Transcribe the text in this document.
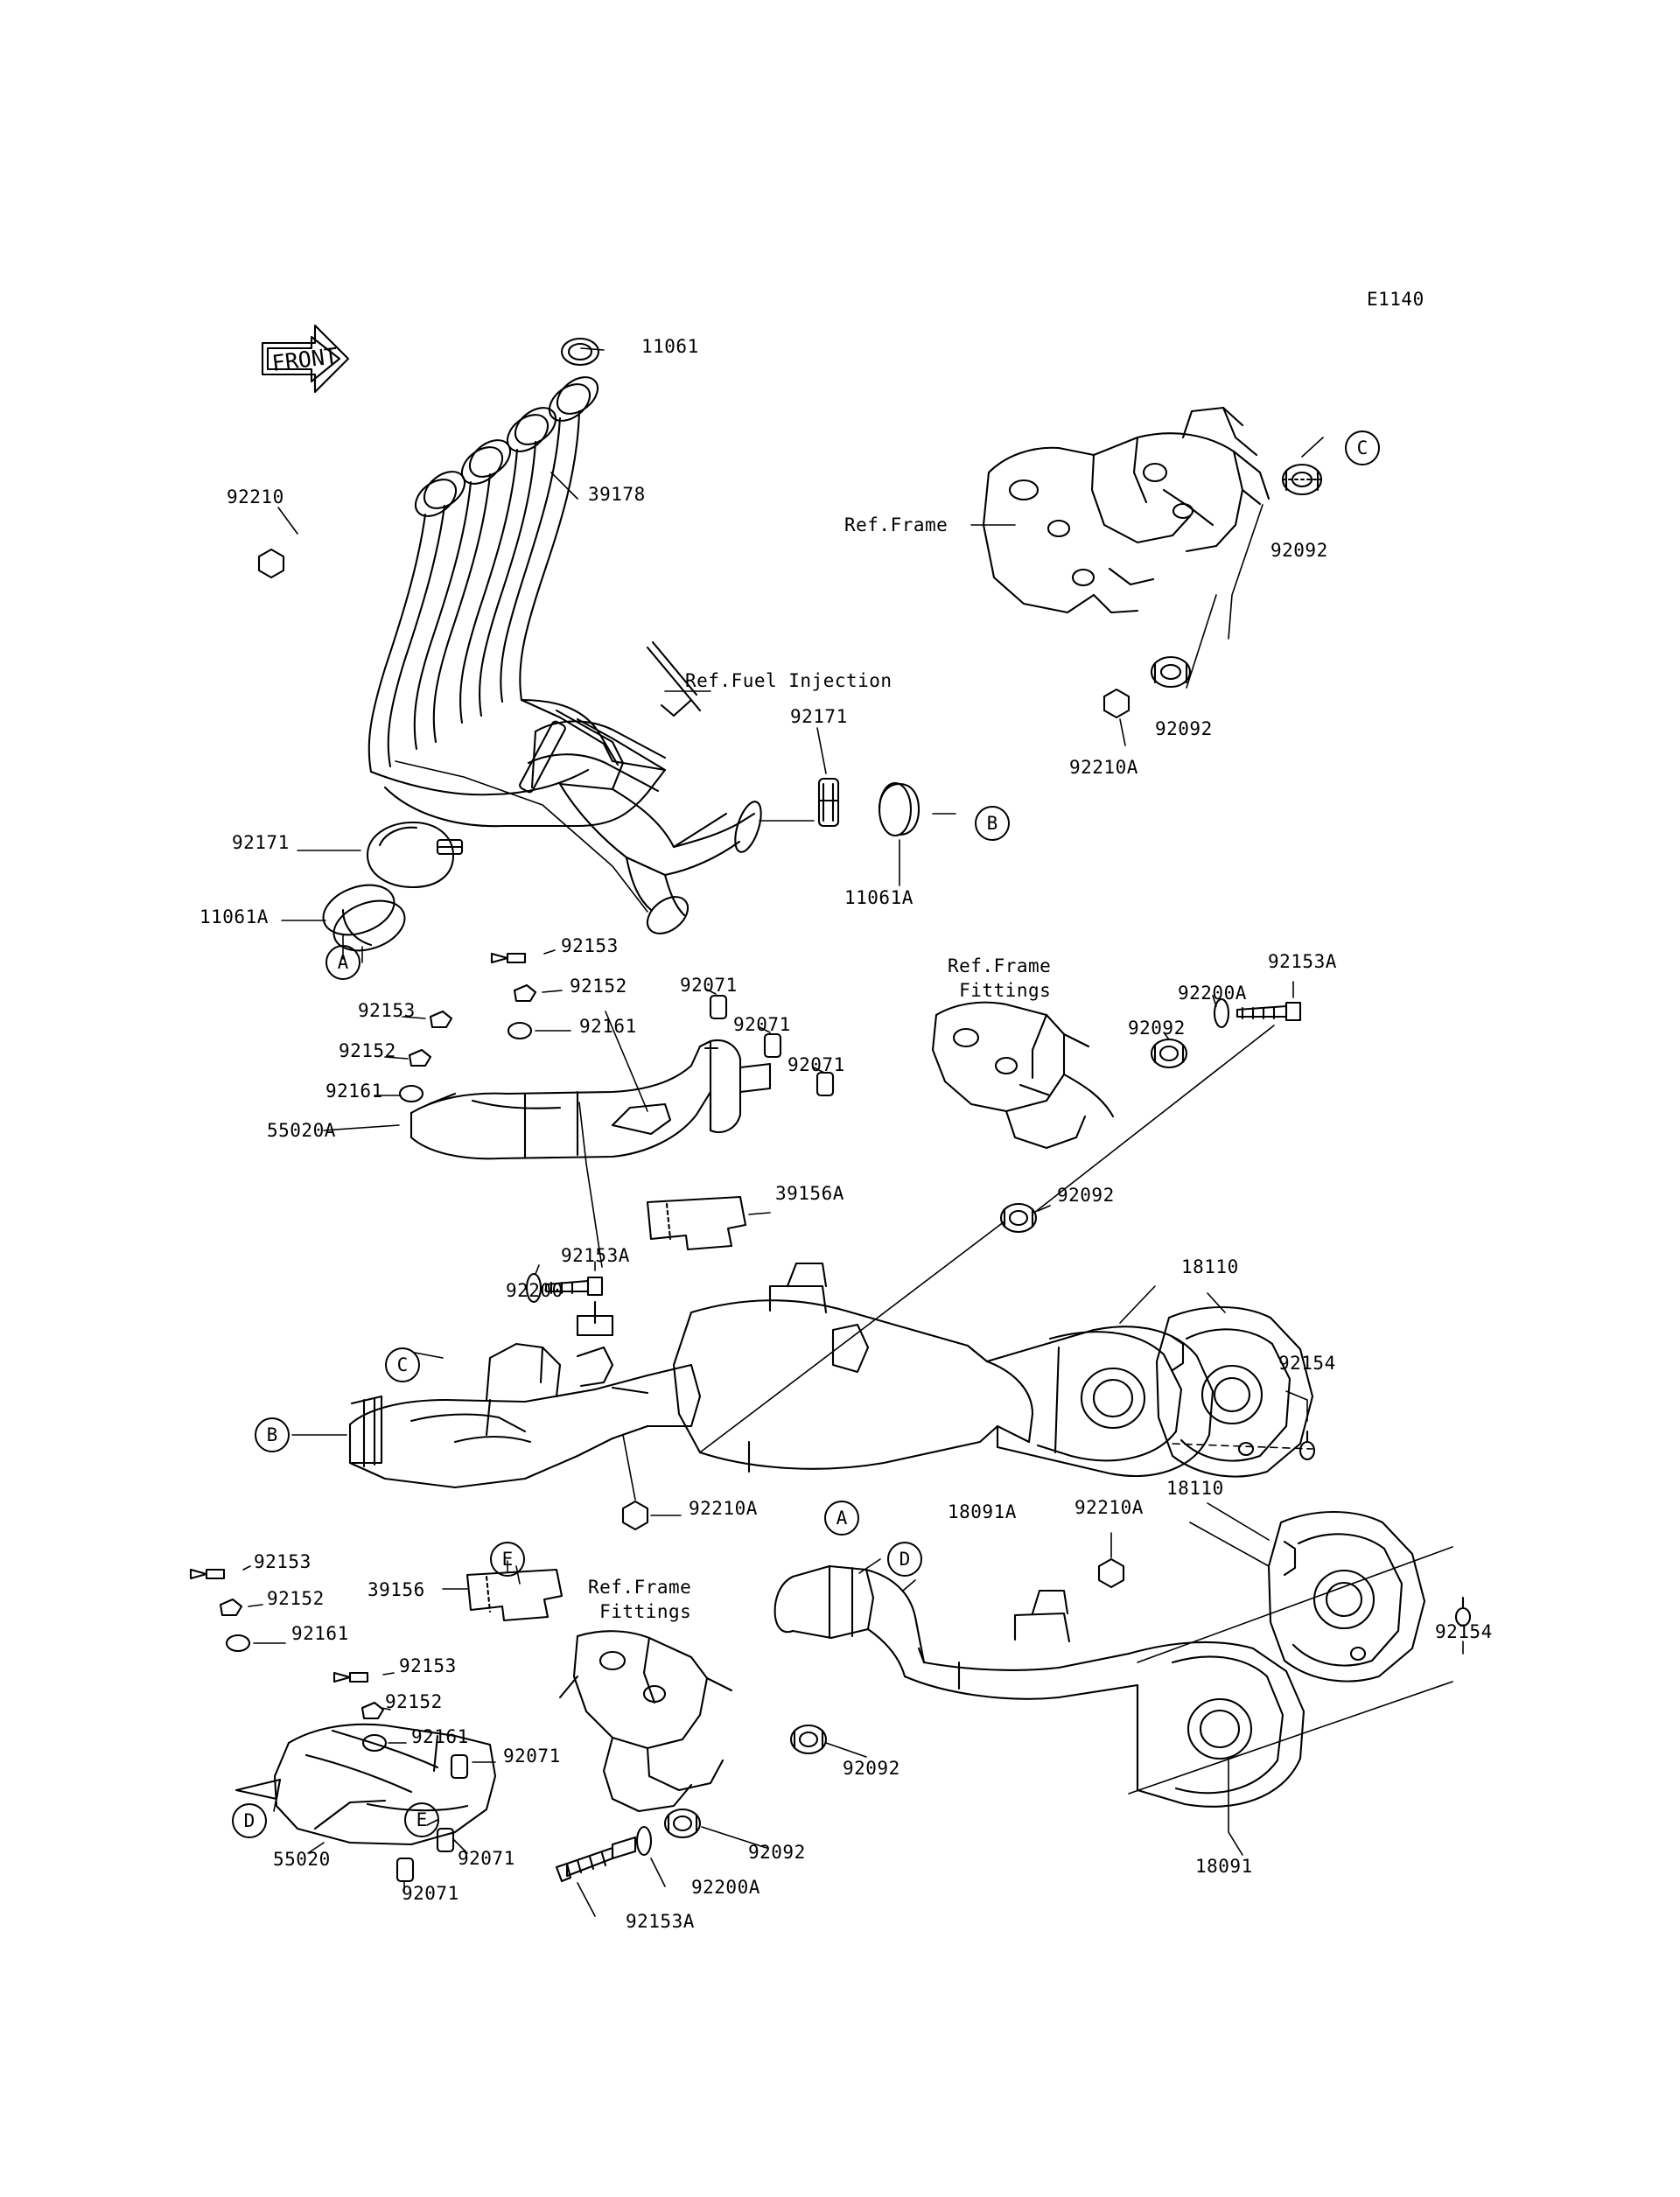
FRONT
E1140
Ref.Frame
Ref.Fuel Injection
Ref.Frame
Fittings
Ref.Frame
Fittings
11061
39178
92210
92092
92092
92210A
92171
92171
11061A
11061A
92153
92152
92161
92071
92071
92071
92153
92152
92161
55020A
39156A
92153A
92200A
92092
92092
92153A
92200
18110
92154
18091A	92210A
18110
92154
92210A
92153
92152
92161
39156
92153
92152
92161
92071
92071
92071
55020
92092
92092
92200A
92153A
18091
C
B
A
C
B
A
D
E
D	E
